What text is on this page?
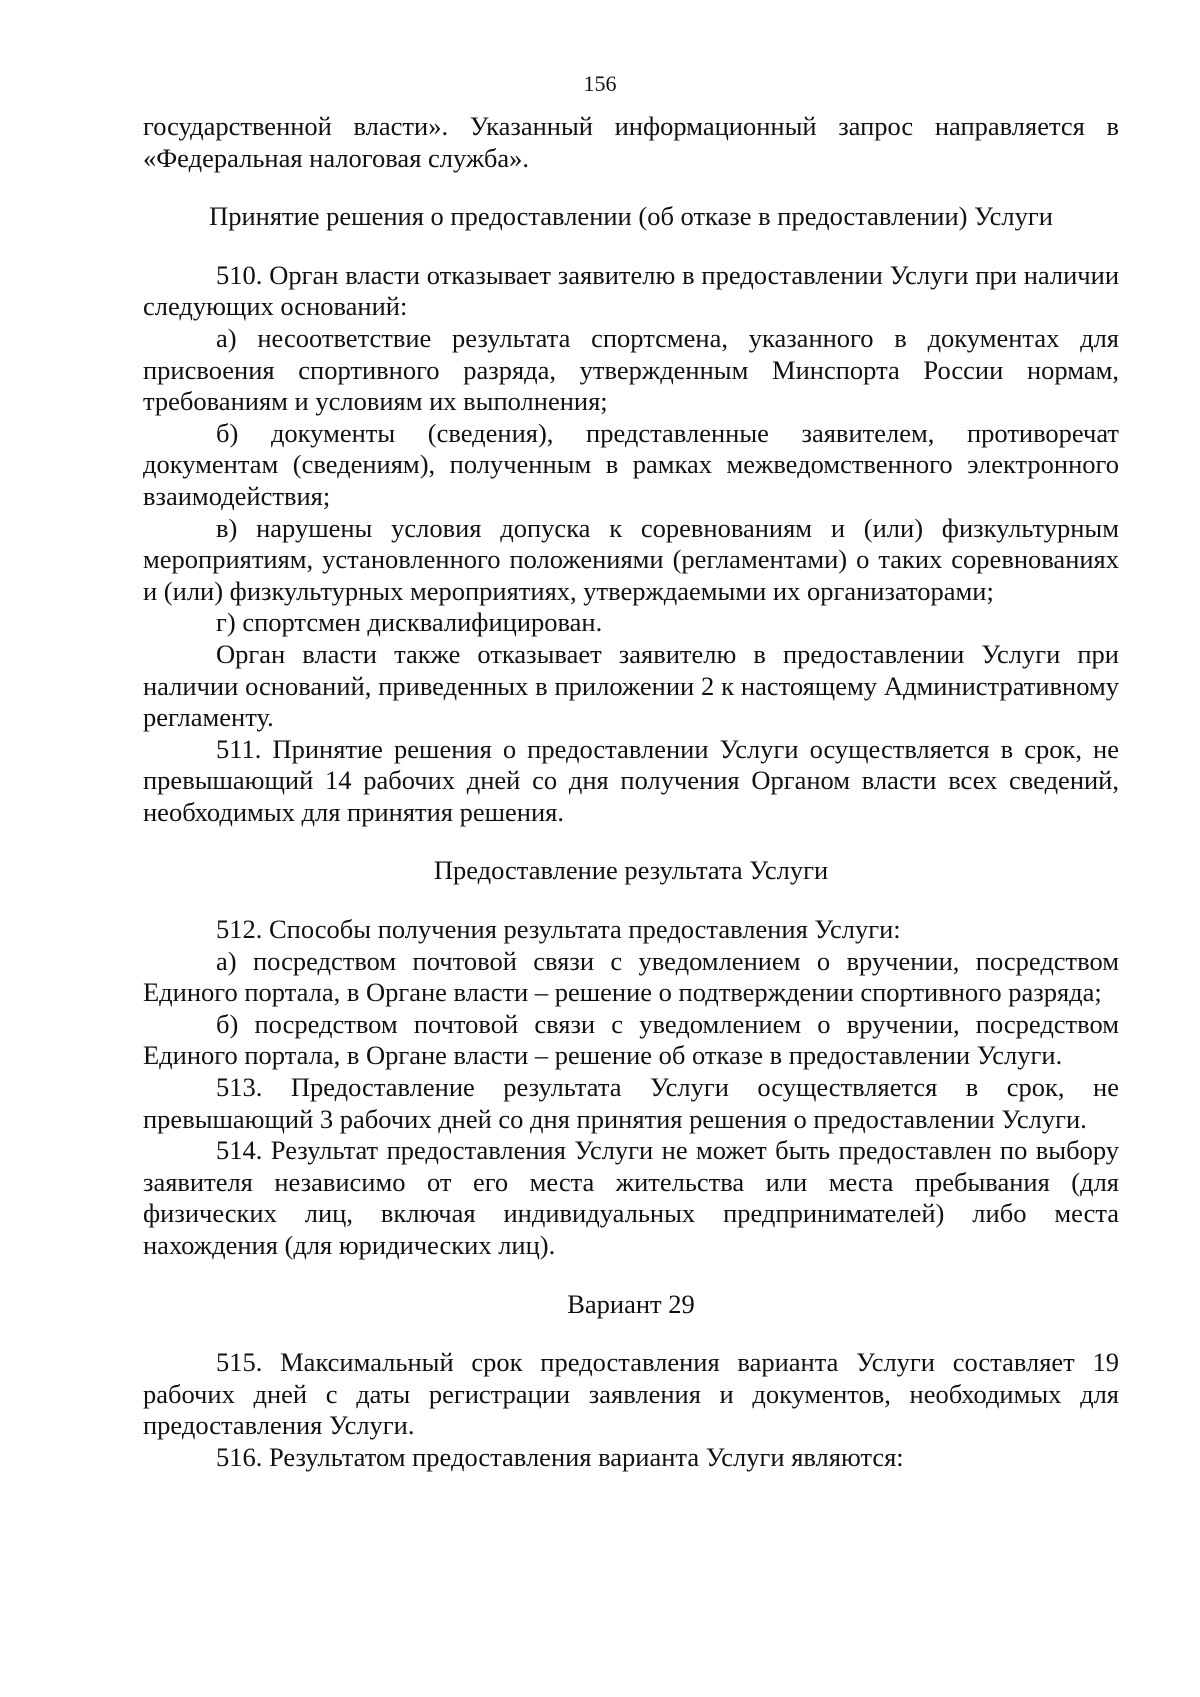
156

государственной власти». Указанный информационный запрос направляется в «Федеральная налоговая служба».

Принятие решения о предоставлении (об отказе в предоставлении) Услуги

510. Орган власти отказывает заявителю в предоставлении Услуги при наличии следующих оснований:

а) несоответствие результата спортсмена, указанного в документах для присвоения спортивного разряда, утвержденным Минспорта России нормам, требованиям и условиям их выполнения;

б) документы (сведения), представленные заявителем, противоречат документам (сведениям), полученным в рамках межведомственного электронного взаимодействия;

в) нарушены условия допуска к соревнованиям и (или) физкультурным мероприятиям, установленного положениями (регламентами) о таких соревнованиях и (или) физкультурных мероприятиях, утверждаемыми их организаторами;

г) спортсмен дисквалифицирован.

Орган власти также отказывает заявителю в предоставлении Услуги при наличии оснований, приведенных в приложении 2 к настоящему Административному регламенту.

511. Принятие решения о предоставлении Услуги осуществляется в срок, не превышающий 14 рабочих дней со дня получения Органом власти всех сведений, необходимых для принятия решения.

Предоставление результата Услуги

512. Способы получения результата предоставления Услуги:

а) посредством почтовой связи с уведомлением о вручении, посредством Единого портала, в Органе власти – решение о подтверждении спортивного разряда;

б) посредством почтовой связи с уведомлением о вручении, посредством Единого портала, в Органе власти – решение об отказе в предоставлении Услуги.

513. Предоставление результата Услуги осуществляется в срок, не превышающий 3 рабочих дней со дня принятия решения о предоставлении Услуги.

514. Результат предоставления Услуги не может быть предоставлен по выбору заявителя независимо от его места жительства или места пребывания (для физических лиц, включая индивидуальных предпринимателей) либо места нахождения (для юридических лиц).

Вариант 29

515. Максимальный срок предоставления варианта Услуги составляет 19 рабочих дней с даты регистрации заявления и документов, необходимых для предоставления Услуги.

516. Результатом предоставления варианта Услуги являются:
